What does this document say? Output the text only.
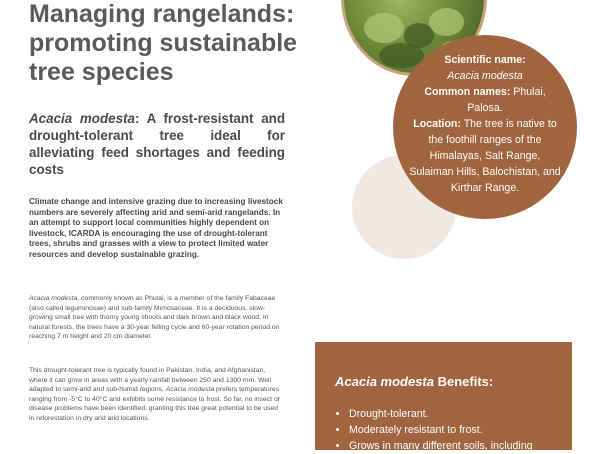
Managing rangelands:
promoting sustainable
tree species
Acacia modesta: A frost-resistant and drought-tolerant tree ideal for alleviating feed shortages and feeding costs
Climate change and intensive grazing due to increasing livestock numbers are severely affecting arid and semi-arid rangelands. In an attempt to support local communities highly dependent on livestock, ICARDA is encouraging the use of drought-tolerant trees, shrubs and grasses with a view to protect limited water resources and develop sustainable grazing.
Acacia modesta, commonly known as Phulai, is a member of the family Fabaceae (also called leguminosae) and sub-family Mimosaceae. It is a deciduous, slow-growing small tree with thorny young shoots and dark brown and black wood. In natural forests, the trees have a 30-year felling cycle and 60-year rotation period on reaching 7 m height and 20 cm diameter.
This drought-tolerant tree is typically found in Pakistan, India, and Afghanistan, where it can grow in areas with a yearly rainfall between 250 and 1300 mm. Well adapted to semi-arid and sub-humid regions, Acacia modesta prefers temperatures ranging from -5°C to 40°C and exhibits some resistance to frost. So far, no insect or disease problems have been identified, granting this tree great potential to be used in reforestation in dry and arid locations.
Scientific name:
Acacia modesta
Common names: Phulai, Palosa.
Location: The tree is native to the foothill ranges of the Himalayas, Salt Range, Sulaiman Hills, Balochistan, and Kirthar Range.
Acacia modesta Benefits:
• Drought-tolerant.
• Moderately resistant to frost.
• Grows in many different soils, including
